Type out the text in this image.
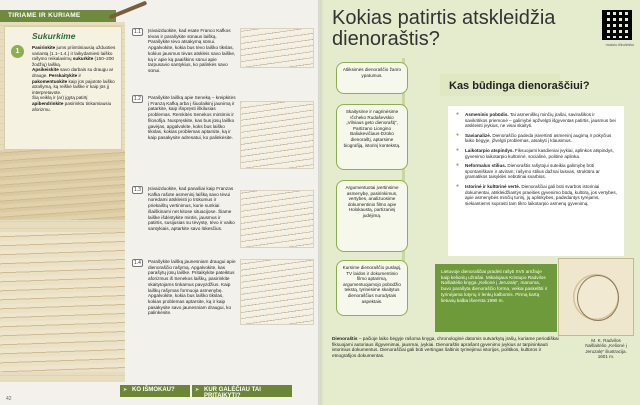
TIRIAME IR KURIAME
Sukurkime
1
Pasirinkite jums priimtiniausią užduoties variantą (1.1–1.4.) ir laikydamiesi laiško rašymo reikalavimų sukurkite (150–200 žodžių) laišką.
Apsikeiskite savo darbais su draugu ar drauge. Perskaitykite ir pakomentuokite kaip jūs pajutote laiško atrašymą, ką reiškė laiške ir kaip jūs jį interpretavote.
Šią veiklą ir (ar) įgytą patirtį apibendrinkite pasirinktu tinkamiausiu aforizmu.
1.1	Įsivaizduokite, kad esate Franco Kafkos tėvas ir parašykite sūnaus laišką. Parašykite tėvo atsakymą sūnui. Apgalvokite, kokia bus tėvo laiško tikslas, kokius jausmus tėvas atskleis savo laiške, ką ir apie ką paaiškins sūnui apie tarpusavio santykius, ko palinkės savo sūnui.
1.2	Parašykite laišką apie Seneką – kreipkitės į Franzą Kafką arba į šiuolaikinį jaunimą ir patarkite, kaip išspręsti iškilusias problemas. Remkitės Senekos mintimis ir filosofija. Nuspręskite, kas bus jūsų laiško gavėjas, apgalvokite, koks bus laiško tikslas, kokias problemas aptarsite, ką ir kaip pasakysite adresatui, ko palinkėsite.
1.3	Įsivaizduokite, kad panašiai kaip Franzas Kafka rašote asmeninį laišką savo tėvui norėdami atskleisti jo trūkumus ir priekaištų vertinimus, kurie sunkiai išaiškinami net kitose situacijose. Šiame laiške išdėstykite mintis, jausmus ir patirtis, susijusias su tėvystę, tėvo ir vaiko santykiais, aptarkite savo lūkesčius.
1.4	Parašykite laišką jaunesniam draugui apie dienoraščio rašymą. Apgalvokite, kas parašytų jūsų laiške. Pritaikykite pateiktus aforizmus iš Senekos laiškų, pasirinkite skaitytojams tinkamus pavyzdžius. Kaip laiškų rašymas formuoja asmenybę. Apgalvokite, kokia bus laiško tikslas, kokias problemas aptarsite, ką ir kaip pasakysite savo jaunesniam draugui, ko palinkėsite.
➤ KO IŠMOKAU?
➤	KUR GALĖČIAU TAI PRITAIKYTI?
42
Kokias patirtis atskleidžia dienoraštis?	mokslo.lt/ko/ieško
Atliksimės dienoraščio žanro ypatumus.
Skaitysime ir nagrinėsime Ičcheko Rudaševskio „Vilniaus geto dienoraštį“, Partizano Liongino Baliukevičiaus-Dzūko dienoraštį, aptarsime biografiją, istorinį kontekstą.
Argumentuotai įvertinsime asmenybę, pasirinkimus, vertybes, analizuosime dokumentinio filmo apie Holokaustą, partizaninį judėjimą.
Kursime dienoraščio puslapį, TV laidos ir dokumentinio filmo aptarimą, argumentuojamojo pobūdžio tekstą, tyrinėsime skaitytus dienoraščius nurodytais aspektais.
Kas būdinga dienoraščiui?
● Asmeninis pobūdis. Tai asmeniškų minčių įrašai, savirašikos ir savikritikos priemonė – galimybė apžvelgti išgyventas patirtis, jausmus bei atskleisti įvykius, ne visai skaityti.
● Savianalizė. Dienoraščio padeda įsivertinti asmeninį augimą ir pokyčius laiko bėgyje, įžvelgti problemas, atsakyti į klausimus.
● Laikotarpio atspindys. Fiksuojami kasdieniai įvykiai, aplinkos atspindys, gyvenimo laikotarpio kultūrinė, socialinė, politinė aplinka.
● Neformalus stilius. Dienoraštis rašytojui suteikia galimybę būti spontaniškam ir atviram; rašymo stilius dažnai laisvas, struktūra ar gramatikos taisyklės nebūtinai svarbios.
● Istorinė ir kultūrinė vertė. Dienoraščiai gali būti svarbūs istoriniai dokumentai, atskleidžiantys praeities gyvenimo būdą, kultūrą, jos vertybes, apie asmenybės minčių turinį, jų aplinkybes, padedantys tyrėjams, siekiantiems suprasti tam tikro laikotarpio asmenų gyvenimą.
Lietuvoje dienoraščiai pradėti rašyti XVII amžiuje kaip kelionių užrašai. Mikalojaus Kristupo Radvilos Našlaitėlio knyga „Kelionė į Jeruzalę“, manoma, buvo parašyta dienoraščio forma, veikai paskelbti ir tyrinėjama lotynų ir lenkų kalbomis. Pirmą kartą lietuvių kalba išversta 1990 m.
M. K. Radvilos Našlaitėlio „Kelionė į Jeruzalę“ iliustracija. 1601 m.
Dienoraštis – pačioje laiko bėgyje rašoma knyga, chronologinė datomis sutvarkytų įrašų, kuriame periodiškai fiksuojami autoriaus išgyvenimai, jausmai, įvykiai. Dienoraštis aprašant gyvenimo įvykius ar tarpininkauti istorinius dokumentus. Dienoraščiai gali būti vertingas šaltinis tyrinėjimui istorijos, politikos, kultūros ir etnografijos dokumentas.
